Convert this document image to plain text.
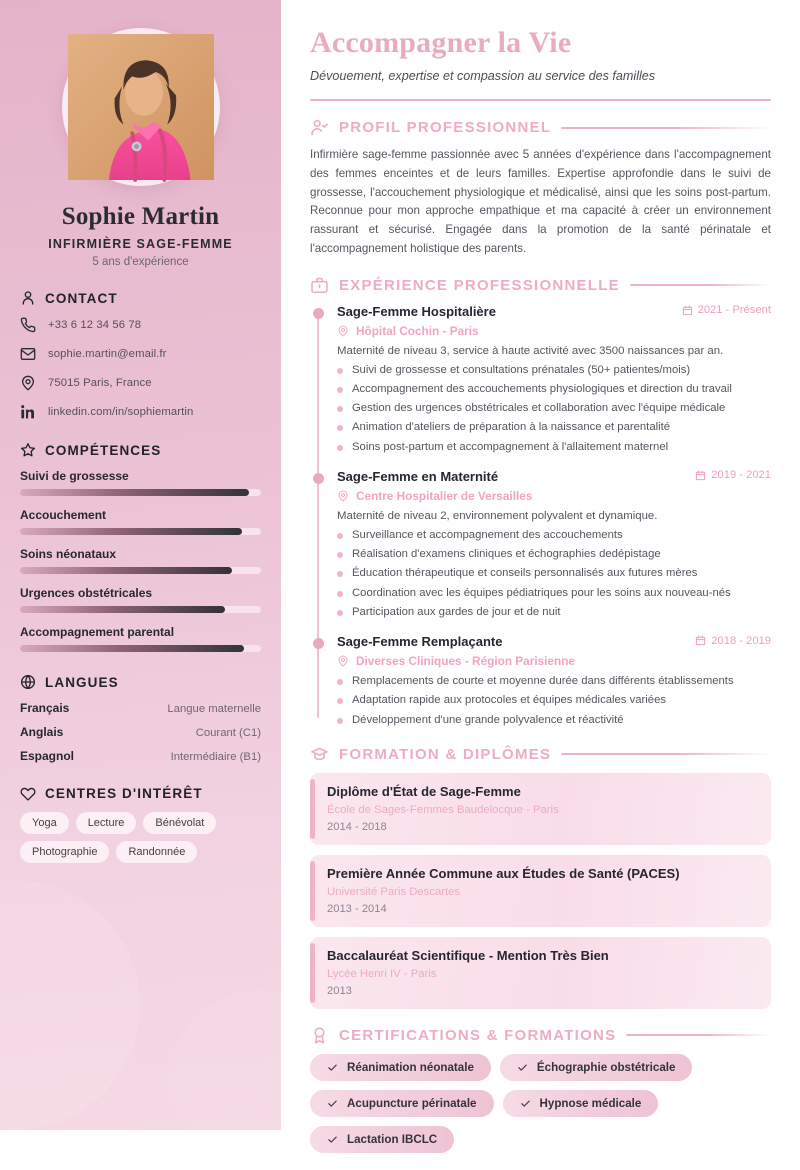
Sophie Martin
INFIRMIÈRE SAGE-FEMME
5 ans d'expérience
CONTACT
+33 6 12 34 56 78
sophie.martin@email.fr
75015 Paris, France
linkedin.com/in/sophiemartin
COMPÉTENCES
Suivi de grossesse
Accouchement
Soins néonataux
Urgences obstétricales
Accompagnement parental
LANGUES
Français	Langue maternelle
Anglais	Courant (C1)
Espagnol	Intermédiaire (B1)
CENTRES D'INTÉRÊT
Yoga	Lecture	Bénévolat
Photographie	Randonnée
Accompagner la Vie
Dévouement, expertise et compassion au service des familles
PROFIL PROFESSIONNEL

Infirmière sage-femme passionnée avec 5 années d'expérience dans l'accompagnement des femmes enceintes et de leurs familles. Expertise approfondie dans le suivi de grossesse, l'accouchement physiologique et médicalisé, ainsi que les soins post-partum. Reconnue pour mon approche empathique et ma capacité à créer un environnement rassurant et sécurisé. Engagée dans la promotion de la santé périnatale et l'accompagnement holistique des parents.

EXPÉRIENCE PROFESSIONNELLE
Sage-Femme Hospitalière	2021 - Présent
Hôpital Cochin - Paris
Maternité de niveau 3, service à haute activité avec 3500 naissances par an.
Suivi de grossesse et consultations prénatales (50+ patientes/mois)
Accompagnement des accouchements physiologiques et direction du travail
Gestion des urgences obstétricales et collaboration avec l'équipe médicale
Animation d'ateliers de préparation à la naissance et parentalité
Soins post-partum et accompagnement à l'allaitement maternel
Sage-Femme en Maternité	2019 - 2021
Centre Hospitalier de Versailles
Maternité de niveau 2, environnement polyvalent et dynamique.
Surveillance et accompagnement des accouchements
Réalisation d'examens cliniques et échographies dedépistage
Éducation thérapeutique et conseils personnalisés aux futures mères
Coordination avec les équipes pédiatriques pour les soins aux nouveau-nés
Participation aux gardes de jour et de nuit
Sage-Femme Remplaçante	2018 - 2019
Diverses Cliniques - Région Parisienne
Remplacements de courte et moyenne durée dans différents établissements
Adaptation rapide aux protocoles et équipes médicales variées
Développement d'une grande polyvalence et réactivité
FORMATION & DIPLÔMES
Diplôme d'État de Sage-Femme
École de Sages-Femmes Baudelocque - Paris
2014 - 2018
Première Année Commune aux Études de Santé (PACES)
Université Paris Descartes
2013 - 2014
Baccalauréat Scientifique - Mention Très Bien
Lycée Henri IV - Paris
2013
CERTIFICATIONS & FORMATIONS
Réanimation néonatale	Échographie obstétricale
Acupuncture périnatale	Hypnose médicale
Lactation IBCLC
